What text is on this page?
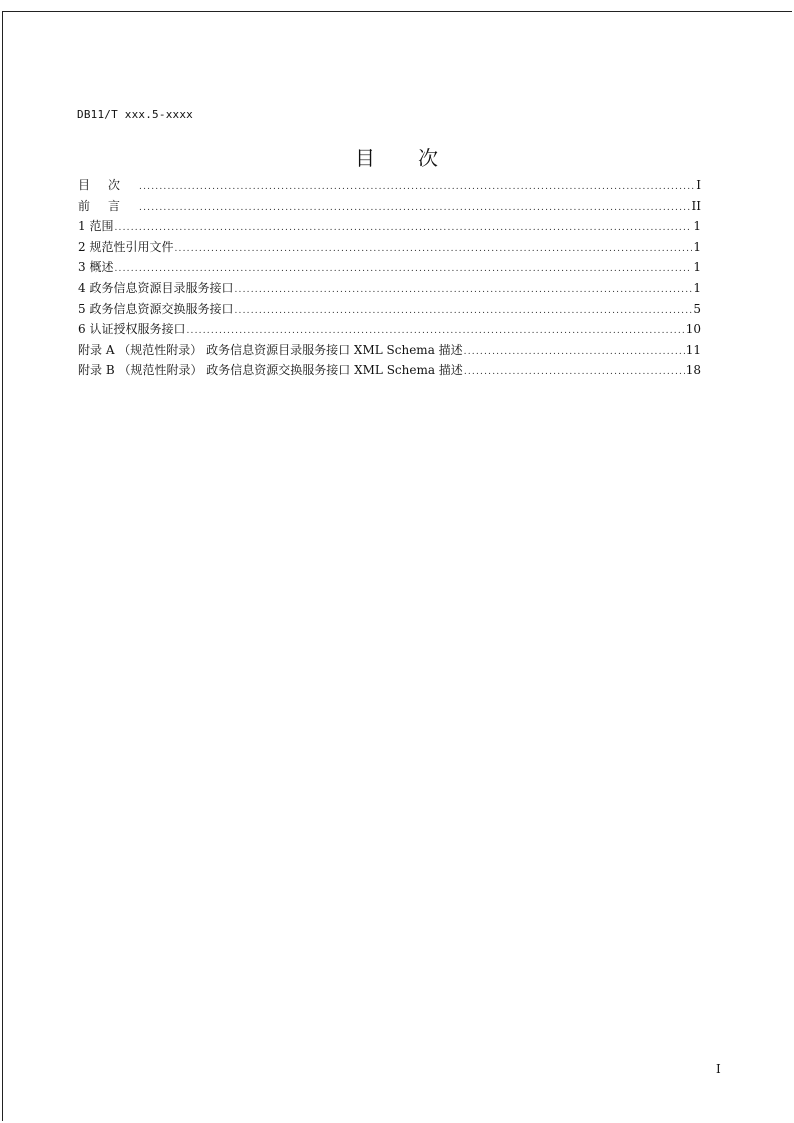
DB11/T xxx.5-xxxx
目 次
目次 .....	I
前言 .....	II
1 范围 .....	1
2 规范性引用文件 .....	1
3 概述 .....	1
4 政务信息资源目录服务接口 .....	1
5 政务信息资源交换服务接口 .....	5
6 认证授权服务接口 .....	10
附录 A （规范性附录） 政务信息资源目录服务接口 XML Schema 描述 .....	11
附录 B （规范性附录） 政务信息资源交换服务接口 XML Schema 描述 .....	18
I
